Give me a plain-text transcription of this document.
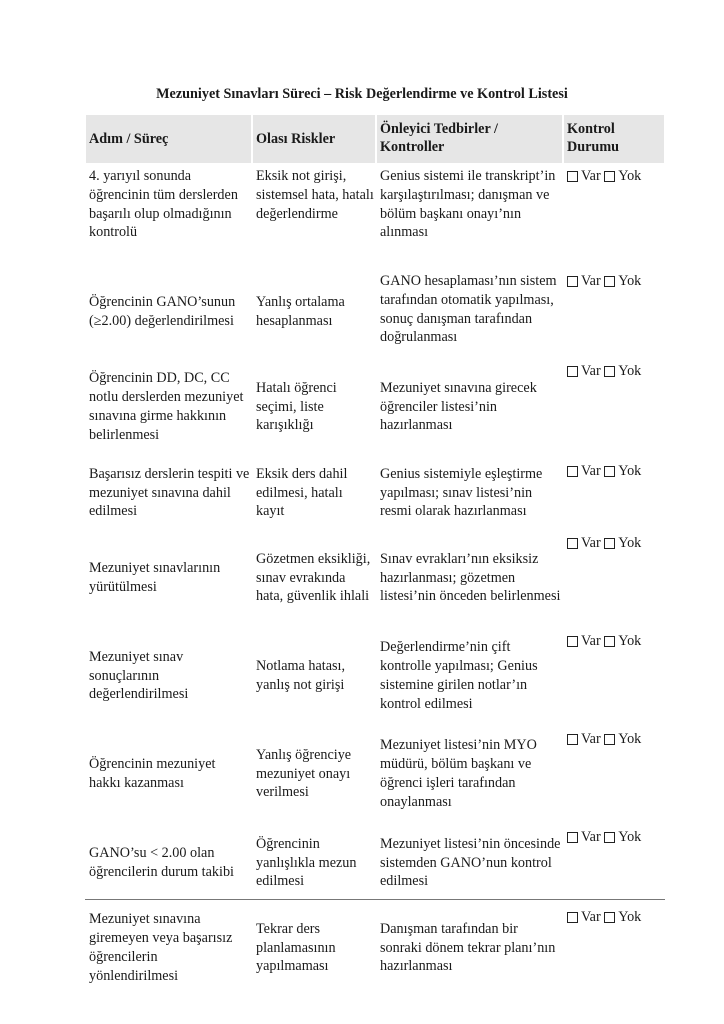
Mezuniyet Sınavları Süreci – Risk Değerlendirme ve Kontrol Listesi
Adım / Süreç	Olası Riskler
Önleyici Tedbirler / Kontroller
Kontrol Durumu
4. yarıyıl sonunda öğrencinin tüm derslerden başarılı olup olmadığının kontrolü
Eksik not girişi, sistemsel hata, hatalı değerlendirme
Genius sistemi ile transkript’in karşılaştırılması; danışman ve bölüm başkanı onayı’nın alınması
Var
Yok
Öğrencinin GANO’sunun (≥2.00) değerlendirilmesi
Yanlış ortalama hesaplanması
GANO hesaplaması’nın sistem tarafından otomatik yapılması, sonuç danışman tarafından doğrulanması
Var
Yok
Öğrencinin DD, DC, CC notlu derslerden mezuniyet sınavına girme hakkının belirlenmesi
Hatalı öğrenci seçimi, liste karışıklığı
Mezuniyet sınavına girecek öğrenciler listesi’nin hazırlanması
Var
Yok
Başarısız derslerin tespiti ve mezuniyet sınavına dahil edilmesi
Eksik ders dahil edilmesi, hatalı kayıt
Genius sistemiyle eşleştirme yapılması; sınav listesi’nin resmi olarak hazırlanması
Var
Yok
Mezuniyet sınavlarının yürütülmesi
Gözetmen eksikliği, sınav evrakında hata, güvenlik ihlali
Sınav evrakları’nın eksiksiz hazırlanması; gözetmen listesi’nin önceden belirlenmesi
Var
Yok
Mezuniyet sınav sonuçlarının değerlendirilmesi
Notlama hatası, yanlış not girişi
Değerlendirme’nin çift kontrolle yapılması; Genius sistemine girilen notlar’ın kontrol edilmesi
Var
Yok
Öğrencinin mezuniyet hakkı kazanması
Yanlış öğrenciye mezuniyet onayı verilmesi
Mezuniyet listesi’nin MYO müdürü, bölüm başkanı ve öğrenci işleri tarafından onaylanması
Var
Yok
GANO’su < 2.00 olan öğrencilerin durum takibi
Öğrencinin yanlışlıkla mezun edilmesi
Mezuniyet listesi’nin öncesinde sistemden GANO’nun kontrol edilmesi
Var
Yok
Mezuniyet sınavına giremeyen veya başarısız öğrencilerin yönlendirilmesi
Tekrar ders planlamasının yapılmaması
Danışman tarafından bir sonraki dönem tekrar planı’nın hazırlanması
Var
Yok
